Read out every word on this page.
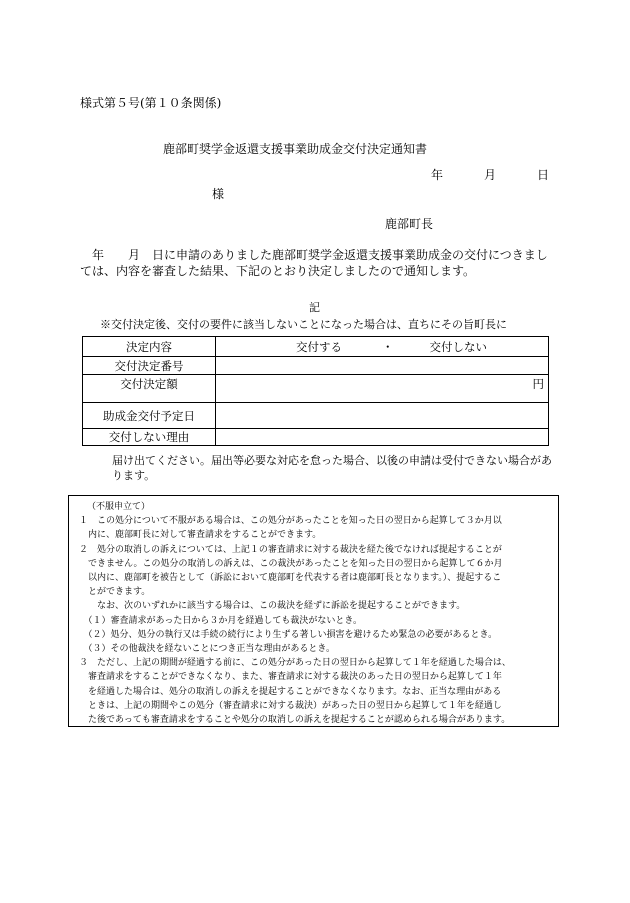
様式第５号(第１０条関係)
鹿部町奨学金返還支援事業助成金交付決定通知書
年	月	日
様
鹿部町長
年　　月　日に申請のありました鹿部町奨学金返還支援事業助成金の交付につきましては、内容を審査した結果、下記のとおり決定しましたので通知します。
記
※交付決定後、交付の要件に該当しないことになった場合は、直ちにその旨町長に
決定内容	交付する ・ 交付しない
交付決定番号	
交付決定額	円
助成金交付予定日	
交付しない理由	
届け出てください。届出等必要な対応を怠った場合、以後の申請は受付できない場合があります。
（不服申立て）
１　この処分について不服がある場合は、この処分があったことを知った日の翌日から起算して３か月以
　内に、鹿部町長に対して審査請求をすることができます。
２　処分の取消しの訴えについては、上記１の審査請求に対する裁決を経た後でなければ提起することが
　できません。この処分の取消しの訴えは、この裁決があったことを知った日の翌日から起算して６か月
　以内に、鹿部町を被告として（訴訟において鹿部町を代表する者は鹿部町長となります。）、提起するこ
　とができます。
　　なお、次のいずれかに該当する場合は、この裁決を経ずに訴訟を提起することができます。
　（１）審査請求があった日から３か月を経過しても裁決がないとき。
　（２）処分、処分の執行又は手続の続行により生ずる著しい損害を避けるため緊急の必要があるとき。
　（３）その他裁決を経ないことにつき正当な理由があるとき。
３　ただし、上記の期間が経過する前に、この処分があった日の翌日から起算して１年を経過した場合は、
　審査請求をすることができなくなり、また、審査請求に対する裁決のあった日の翌日から起算して１年
　を経過した場合は、処分の取消しの訴えを提起することができなくなります。なお、正当な理由がある
　ときは、上記の期間やこの処分（審査請求に対する裁決）があった日の翌日から起算して１年を経過し
　た後であっても審査請求をすることや処分の取消しの訴えを提起することが認められる場合があります。
